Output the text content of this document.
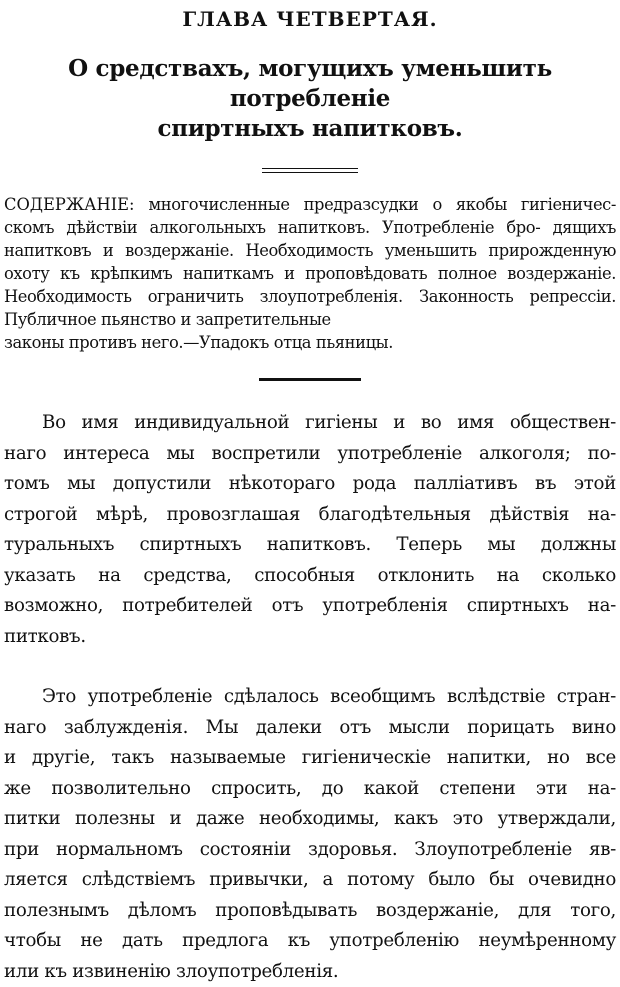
ГЛАВА ЧЕТВЕРТАЯ.
О средствахъ, могущихъ уменьшить потребленіе
спиртныхъ напитковъ.

СОДЕРЖАНІЕ: многочисленные предразсудки о якобы гигіеничес- скомъ дѣйствіи алкогольныхъ напитковъ. Употребленіе бро- дящихъ напитковъ и воздержаніе. Необходимость уменьшить прирожденную охоту къ крѣпкимъ напиткамъ и проповѣдовать полное воздержаніе. Необходимость ограничить злоупотребленія. Законность репрессіи. Публичное пьянство и запретительные
законы противъ него.—Упадокъ отца пьяницы.

Во имя индивидуальной гигіены и во имя обществен-
наго интереса мы воспретили употребленіе алкоголя; по-
томъ мы допустили нѣкотораго рода палліативъ въ этой
строгой мѣрѣ, провозглашая благодѣтельныя дѣйствія на-
туральныхъ спиртныхъ напитковъ. Теперь мы должны
указать на средства, способныя отклонить на сколько
возможно, потребителей отъ употребленія спиртныхъ на-
питковъ.

Это употребленіе сдѣлалось всеобщимъ вслѣдствіе стран-
наго заблужденія. Мы далеки отъ мысли порицать вино
и другіе, такъ называемые гигіеническіе напитки, но все
же позволительно спросить, до какой степени эти на-
питки полезны и даже необходимы, какъ это утверждали,
при нормальномъ состояніи здоровья. Злоупотребленіе яв-
ляется слѣдствіемъ привычки, а потому было бы очевидно
полезнымъ дѣломъ проповѣдывать воздержаніе, для того,
чтобы не дать предлога къ употребленію неумѣренному
или къ извиненію злоупотребленія.
